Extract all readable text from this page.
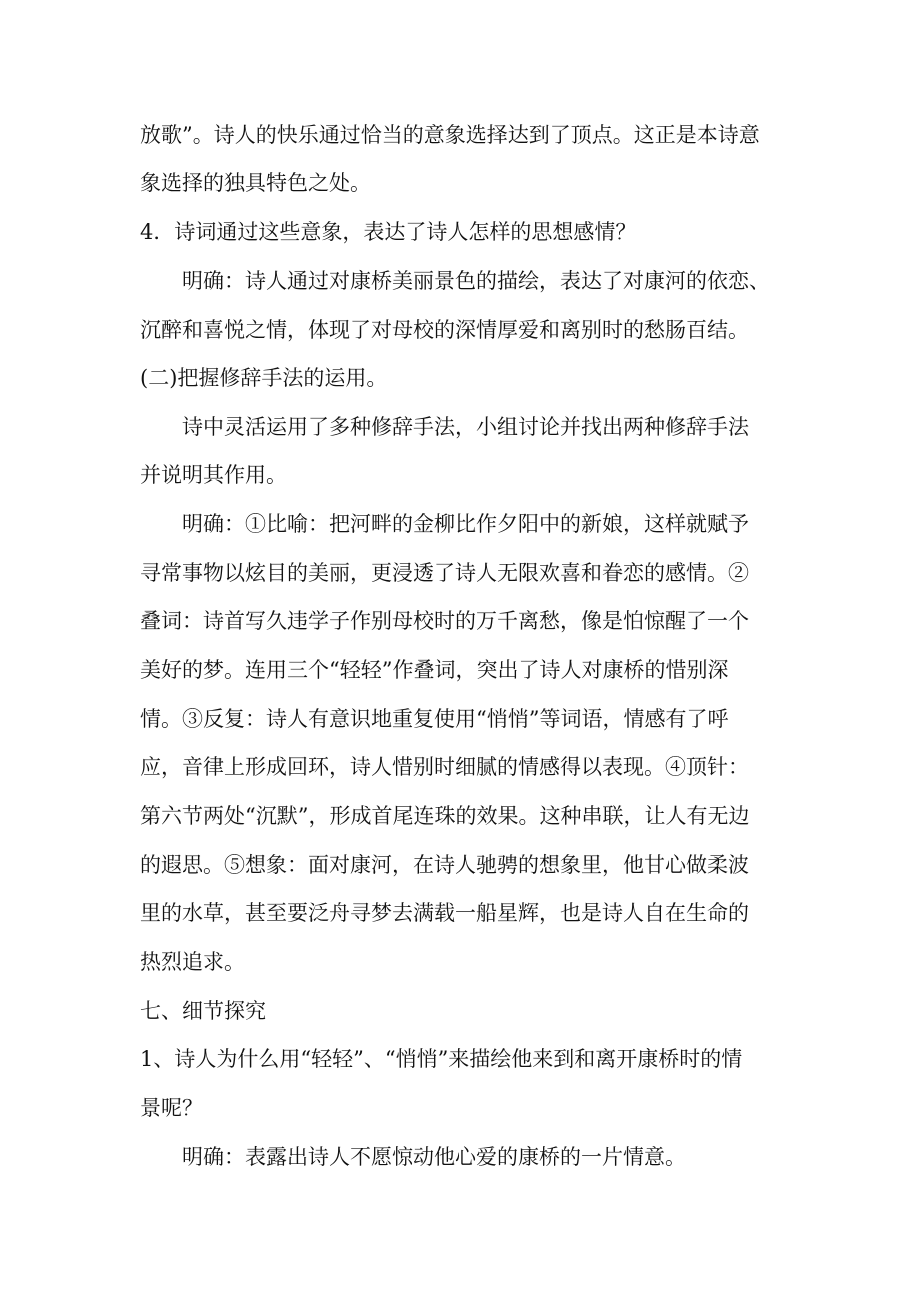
放歌”。诗人的快乐通过恰当的意象选择达到了顶点。这正是本诗意
象选择的独具特色之处。
4．诗词通过这些意象，表达了诗人怎样的思想感情？
明确：诗人通过对康桥美丽景色的描绘，表达了对康河的依恋、
沉醉和喜悦之情，体现了对母校的深情厚爱和离别时的愁肠百结。
(二)把握修辞手法的运用。
诗中灵活运用了多种修辞手法，小组讨论并找出两种修辞手法
并说明其作用。
明确：①比喻：把河畔的金柳比作夕阳中的新娘，这样就赋予
寻常事物以炫目的美丽，更浸透了诗人无限欢喜和眷恋的感情。②
叠词：诗首写久违学子作别母校时的万千离愁，像是怕惊醒了一个
美好的梦。连用三个“轻轻”作叠词，突出了诗人对康桥的惜别深
情。③反复：诗人有意识地重复使用“悄悄”等词语，情感有了呼
应，音律上形成回环，诗人惜别时细腻的情感得以表现。④顶针：
第六节两处“沉默”，形成首尾连珠的效果。这种串联，让人有无边
的遐思。⑤想象：面对康河，在诗人驰骋的想象里，他甘心做柔波
里的水草，甚至要泛舟寻梦去满载一船星辉，也是诗人自在生命的
热烈追求。
七、细节探究
1、诗人为什么用“轻轻”、“悄悄”来描绘他来到和离开康桥时的情
景呢？
明确：表露出诗人不愿惊动他心爱的康桥的一片情意。
